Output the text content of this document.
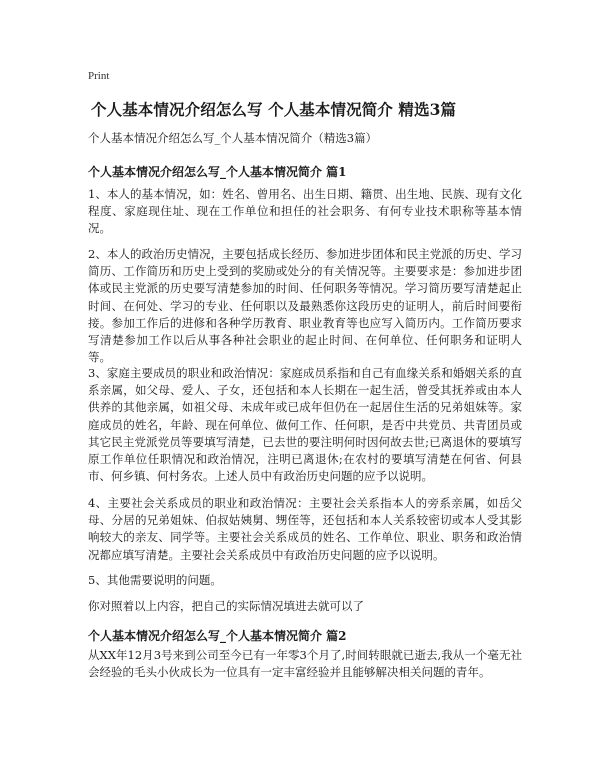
Print
个人基本情况介绍怎么写 个人基本情况简介 精选3篇
个人基本情况介绍怎么写_个人基本情况简介（精选3篇）
个人基本情况介绍怎么写_个人基本情况简介 篇1

1、本人的基本情况，如：姓名、曾用名、出生日期、籍贯、出生地、民族、现有文化程度、家庭现住址、现在工作单位和担任的社会职务、有何专业技术职称等基本情况。

2、本人的政治历史情况，主要包括成长经历、参加进步团体和民主党派的历史、学习简历、工作简历和历史上受到的奖励或处分的有关情况等。主要要求是：参加进步团体或民主党派的历史要写清楚参加的时间、任何职务等情况。学习简历要写清楚起止时间、在何处、学习的专业、任何职以及最熟悉你这段历史的证明人，前后时间要衔接。参加工作后的进修和各种学历教育、职业教育等也应写入简历内。工作简历要求写清楚参加工作以后从事各种社会职业的起止时间、在何单位、任何职务和证明人等。

3、家庭主要成员的职业和政治情况：家庭成员系指和自己有血缘关系和婚姻关系的直系亲属，如父母、爱人、子女，还包括和本人长期在一起生活，曾受其抚养或由本人供养的其他亲属，如祖父母、未成年或已成年但仍在一起居住生活的兄弟姐妹等。家庭成员的姓名，年龄、现在何单位、做何工作、任何职，是否中共党员、共青团员或其它民主党派党员等要填写清楚，已去世的要注明何时因何故去世;已离退休的要填写原工作单位任职情况和政治情况，注明已离退休;在农村的要填写清楚在何省、何县市、何乡镇、何村务农。上述人员中有政治历史问题的应予以说明。

4、主要社会关系成员的职业和政治情况：主要社会关系指本人的旁系亲属，如岳父母、分居的兄弟姐妹、伯叔姑姨舅、甥侄等，还包括和本人关系较密切或本人受其影响较大的亲友、同学等。主要社会关系成员的姓名、工作单位、职业、职务和政治情况都应填写清楚。主要社会关系成员中有政治历史问题的应予以说明。

5、其他需要说明的问题。

你对照着以上内容，把自己的实际情况填进去就可以了

个人基本情况介绍怎么写_个人基本情况简介 篇2

从XX年12月3号来到公司至今已有一年零3个月了,时间转眼就已逝去,我从一个毫无社会经验的毛头小伙成长为一位具有一定丰富经验并且能够解决相关问题的青年。
